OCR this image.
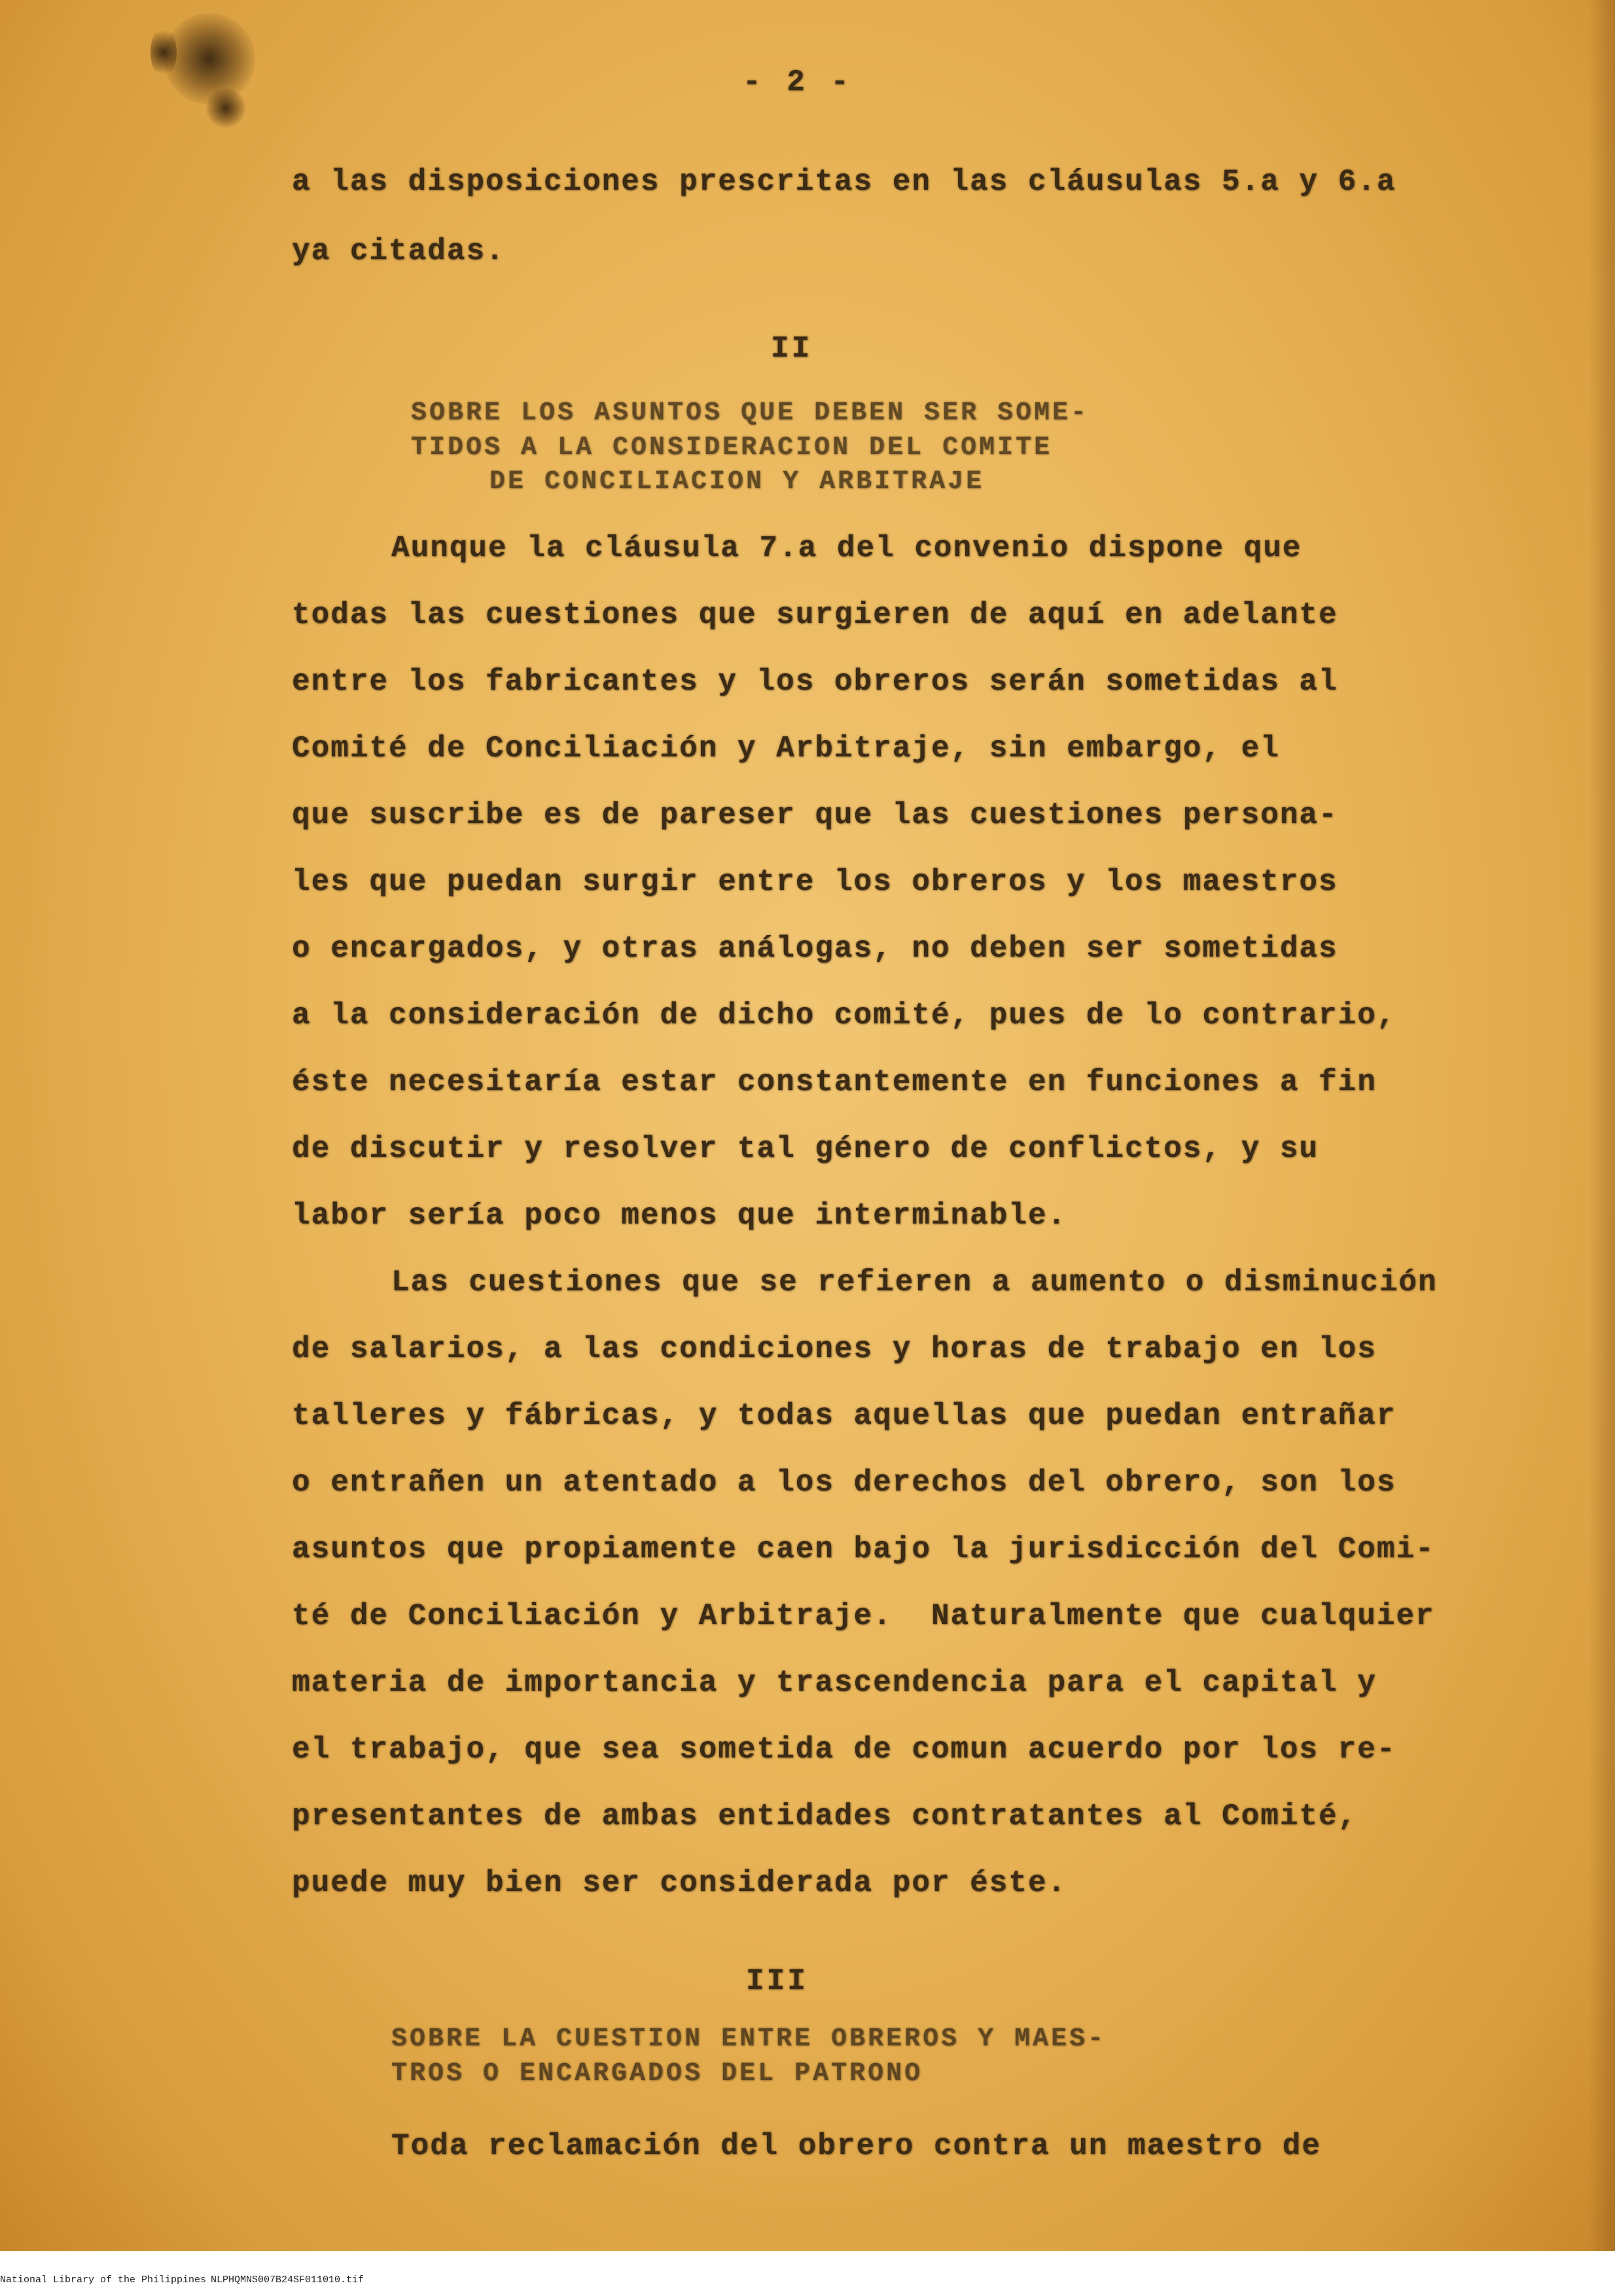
- 2 -
a las disposiciones prescritas en las cláusulas 5.a y 6.a
ya citadas.
II
SOBRE LOS ASUNTOS QUE DEBEN SER SOME-
TIDOS A LA CONSIDERACION DEL COMITE
DE CONCILIACION Y ARBITRAJE
Aunque la cláusula 7.a del convenio dispone que
todas las cuestiones que surgieren de aquí en adelante
entre los fabricantes y los obreros serán sometidas al
Comité de Conciliación y Arbitraje, sin embargo, el
que suscribe es de pareser que las cuestiones persona-
les que puedan surgir entre los obreros y los maestros
o encargados, y otras análogas, no deben ser sometidas
a la consideración de dicho comité, pues de lo contrario,
éste necesitaría estar constantemente en funciones a fin
de discutir y resolver tal género de conflictos, y su
labor sería poco menos que interminable.
Las cuestiones que se refieren a aumento o disminución
de salarios, a las condiciones y horas de trabajo en los
talleres y fábricas, y todas aquellas que puedan entrañar
o entrañen un atentado a los derechos del obrero, son los
asuntos que propiamente caen bajo la jurisdicción del Comi-
té de Conciliación y Arbitraje.  Naturalmente que cualquier
materia de importancia y trascendencia para el capital y
el trabajo, que sea sometida de comun acuerdo por los re-
presentantes de ambas entidades contratantes al Comité,
puede muy bien ser considerada por éste.
III
SOBRE LA CUESTION ENTRE OBREROS Y MAES-
TROS O ENCARGADOS DEL PATRONO
Toda reclamación del obrero contra un maestro de
National Library of the Philippines NLPHQMNS007B24SF011010.tif
